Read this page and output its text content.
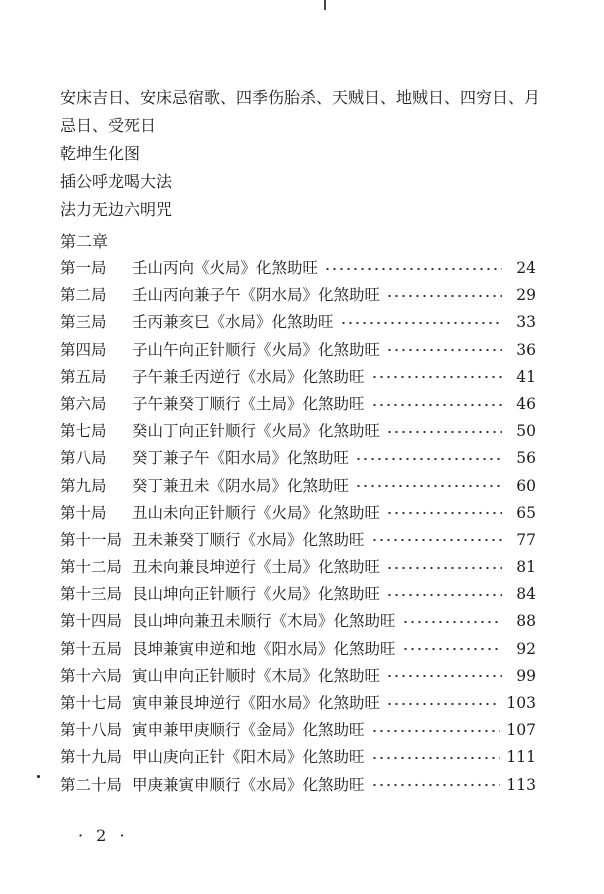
安床吉日、安床忌宿歌、四季伤胎杀、天贼日、地贼日、四穷日、月
忌日、受死日
乾坤生化图
插公呼龙喝大法
法力无边六明咒
第二章
第一局	壬山丙向《火局》化煞助旺	24
第二局	壬山丙向兼子午《阴水局》化煞助旺	29
第三局	壬丙兼亥巳《水局》化煞助旺	33
第四局	子山午向正针顺行《火局》化煞助旺	36
第五局	子午兼壬丙逆行《水局》化煞助旺	41
第六局	子午兼癸丁顺行《土局》化煞助旺	46
第七局	癸山丁向正针顺行《火局》化煞助旺	50
第八局	癸丁兼子午《阳水局》化煞助旺	56
第九局	癸丁兼丑未《阴水局》化煞助旺	60
第十局	丑山未向正针顺行《火局》化煞助旺	65
第十一局 丑未兼癸丁顺行《水局》化煞助旺	77
第十二局 丑未向兼艮坤逆行《土局》化煞助旺	81
第十三局 艮山坤向正针顺行《火局》化煞助旺	84
第十四局 艮山坤向兼丑未顺行《木局》化煞助旺	88
第十五局 艮坤兼寅申逆和地《阳水局》化煞助旺	92
第十六局 寅山申向正针顺时《木局》化煞助旺	99
第十七局 寅申兼艮坤逆行《阳水局》化煞助旺	103
第十八局 寅申兼甲庚顺行《金局》化煞助旺	107
第十九局 甲山庚向正针《阳木局》化煞助旺	111
第二十局 甲庚兼寅申顺行《水局》化煞助旺	113
· 2 ·
